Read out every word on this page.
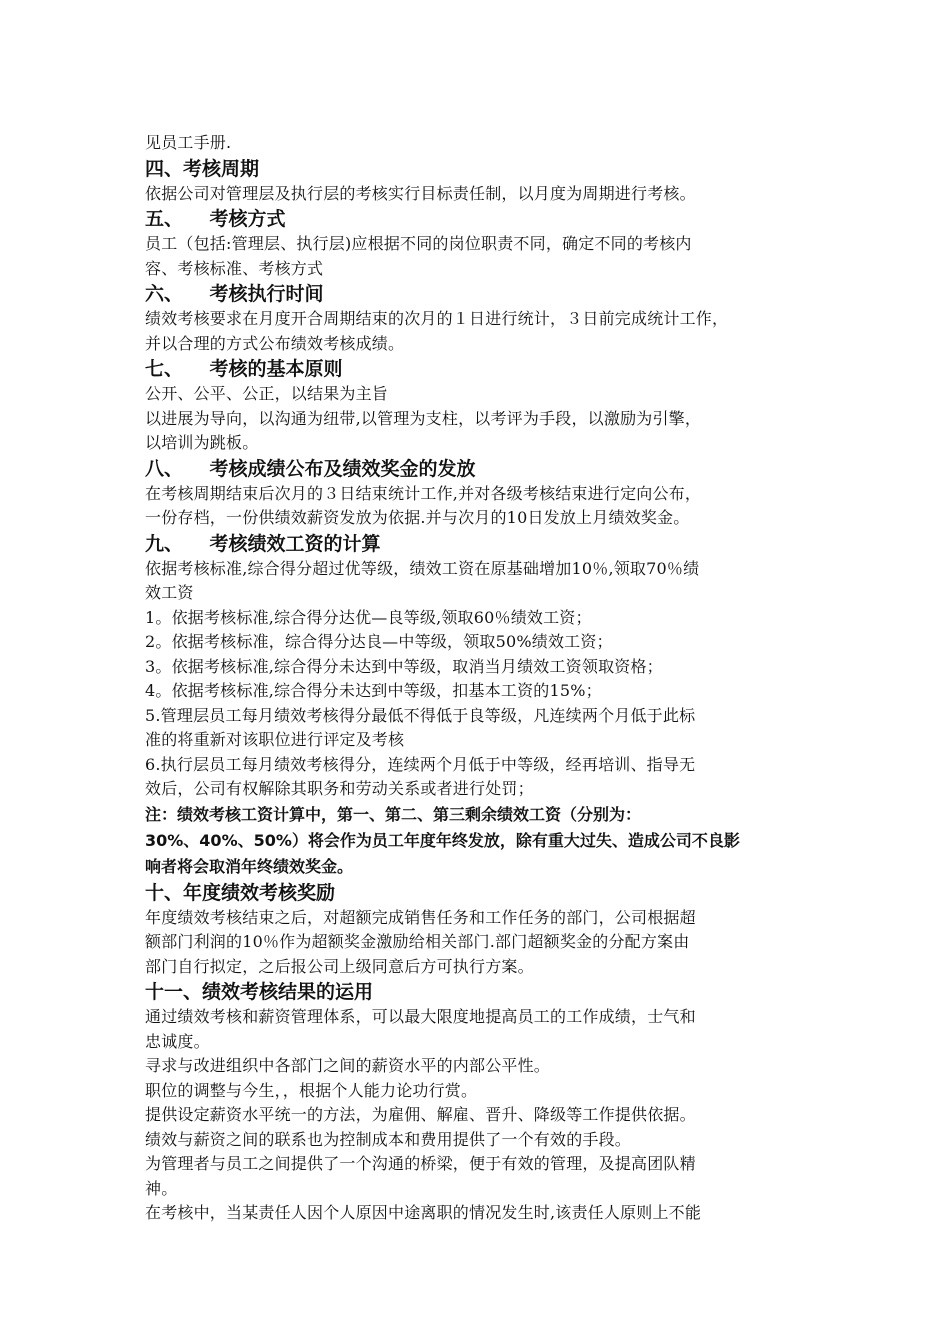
见员工手册.
四、考核周期
依据公司对管理层及执行层的考核实行目标责任制，以月度为周期进行考核。
五、    考核方式
员工（包括:管理层、执行层)应根据不同的岗位职责不同，确定不同的考核内
容、考核标准、考核方式
六、    考核执行时间
绩效考核要求在月度开合周期结束的次月的１日进行统计，３日前完成统计工作，
并以合理的方式公布绩效考核成绩。
七、    考核的基本原则
公开、公平、公正，以结果为主旨
以进展为导向，以沟通为纽带,以管理为支柱，以考评为手段，以激励为引擎，
以培训为跳板。
八、    考核成绩公布及绩效奖金的发放
在考核周期结束后次月的３日结束统计工作,并对各级考核结束进行定向公布，
一份存档，一份供绩效薪资发放为依据.并与次月的10日发放上月绩效奖金。
九、    考核绩效工资的计算
依据考核标准,综合得分超过优等级，绩效工资在原基础增加10％,领取70％绩
效工资
1。依据考核标准,综合得分达优—良等级,领取60％绩效工资；
2。依据考核标准，综合得分达良—中等级，领取50%绩效工资；
3。依据考核标准,综合得分未达到中等级，取消当月绩效工资领取资格；
4。依据考核标准,综合得分未达到中等级，扣基本工资的15%；
5.管理层员工每月绩效考核得分最低不得低于良等级，凡连续两个月低于此标
准的将重新对该职位进行评定及考核
6.执行层员工每月绩效考核得分，连续两个月低于中等级，经再培训、指导无
效后，公司有权解除其职务和劳动关系或者进行处罚；
注：绩效考核工资计算中，第一、第二、第三剩余绩效工资（分别为：
30%、40%、50%）将会作为员工年度年终发放，除有重大过失、造成公司不良影
响者将会取消年终绩效奖金。
十、年度绩效考核奖励
年度绩效考核结束之后，对超额完成销售任务和工作任务的部门，公司根据超
额部门利润的10％作为超额奖金激励给相关部门.部门超额奖金的分配方案由
部门自行拟定，之后报公司上级同意后方可执行方案。
十一、绩效考核结果的运用
通过绩效考核和薪资管理体系，可以最大限度地提高员工的工作成绩，士气和
忠诚度。
寻求与改进组织中各部门之间的薪资水平的内部公平性。
职位的调整与今生，，根据个人能力论功行赏。
提供设定薪资水平统一的方法，为雇佣、解雇、晋升、降级等工作提供依据。
绩效与薪资之间的联系也为控制成本和费用提供了一个有效的手段。
为管理者与员工之间提供了一个沟通的桥梁，便于有效的管理，及提高团队精
神。
在考核中，当某责任人因个人原因中途离职的情况发生时,该责任人原则上不能
